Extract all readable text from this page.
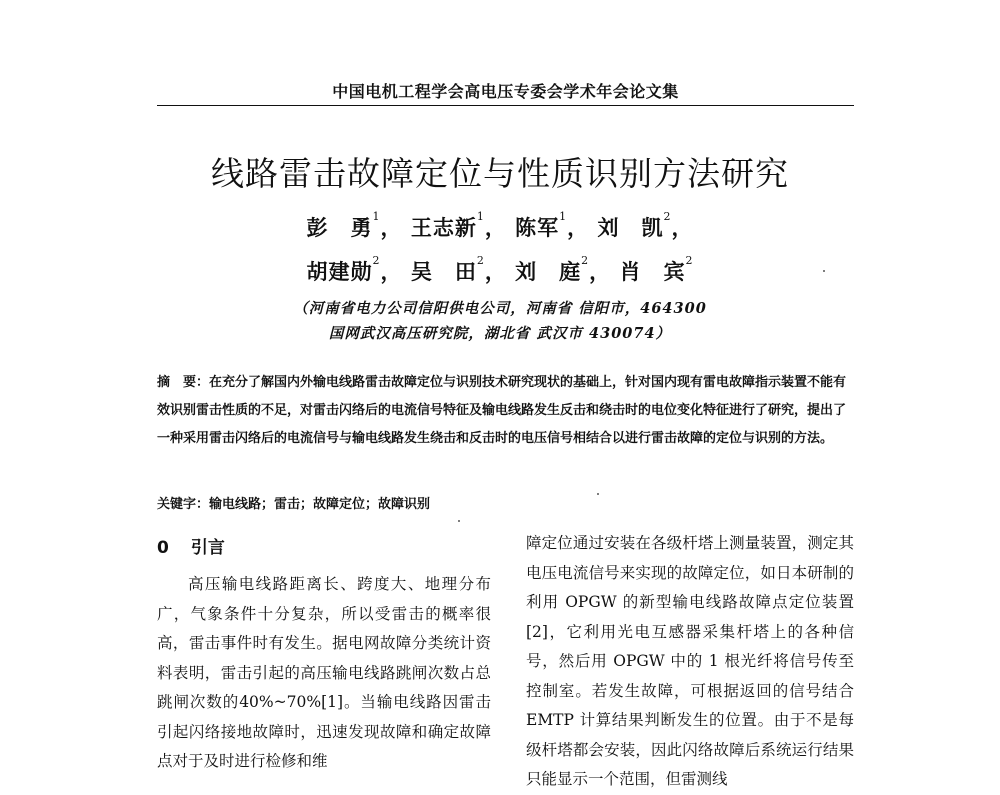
中国电机工程学会高电压专委会学术年会论文集
线路雷击故障定位与性质识别方法研究
彭　勇$^1$， 王志新$^1$， 陈军$^1$， 刘　凯$^2$，
胡建勋$^2$， 吴　田$^2$， 刘　庭$^2$， 肖　宾$^2$
（河南省电力公司信阳供电公司，河南省 信阳市，464300
国网武汉高压研究院，湖北省 武汉市 430074）
摘　要：在充分了解国内外输电线路雷击故障定位与识别技术研究现状的基础上，针对国内现有雷电故障指示装置不能有效识别雷击性质的不足，对雷击闪络后的电流信号特征及输电线路发生反击和绕击时的电位变化特征进行了研究，提出了一种采用雷击闪络后的电流信号与输电线路发生绕击和反击时的电压信号相结合以进行雷击故障的定位与识别的方法。
关键字：输电线路；雷击；故障定位；故障识别
0 引言
高压输电线路距离长、跨度大、地理分布广，气象条件十分复杂，所以受雷击的概率很高，雷击事件时有发生。据电网故障分类统计资料表明，雷击引起的高压输电线路跳闸次数占总跳闸次数的40%~70%[1]。当输电线路因雷击引起闪络接地故障时，迅速发现故障和确定故障点对于及时进行检修和维
障定位通过安装在各级杆塔上测量装置，测定其电压电流信号来实现的故障定位，如日本研制的利用 OPGW 的新型输电线路故障点定位装置[2]，它利用光电互感器采集杆塔上的各种信号，然后用 OPGW 中的 1 根光纤将信号传至控制室。若发生故障，可根据返回的信号结合 EMTP 计算结果判断发生的位置。由于不是每级杆塔都会安装，因此闪络故障后系统运行结果只能显示一个范围，但雷测线
